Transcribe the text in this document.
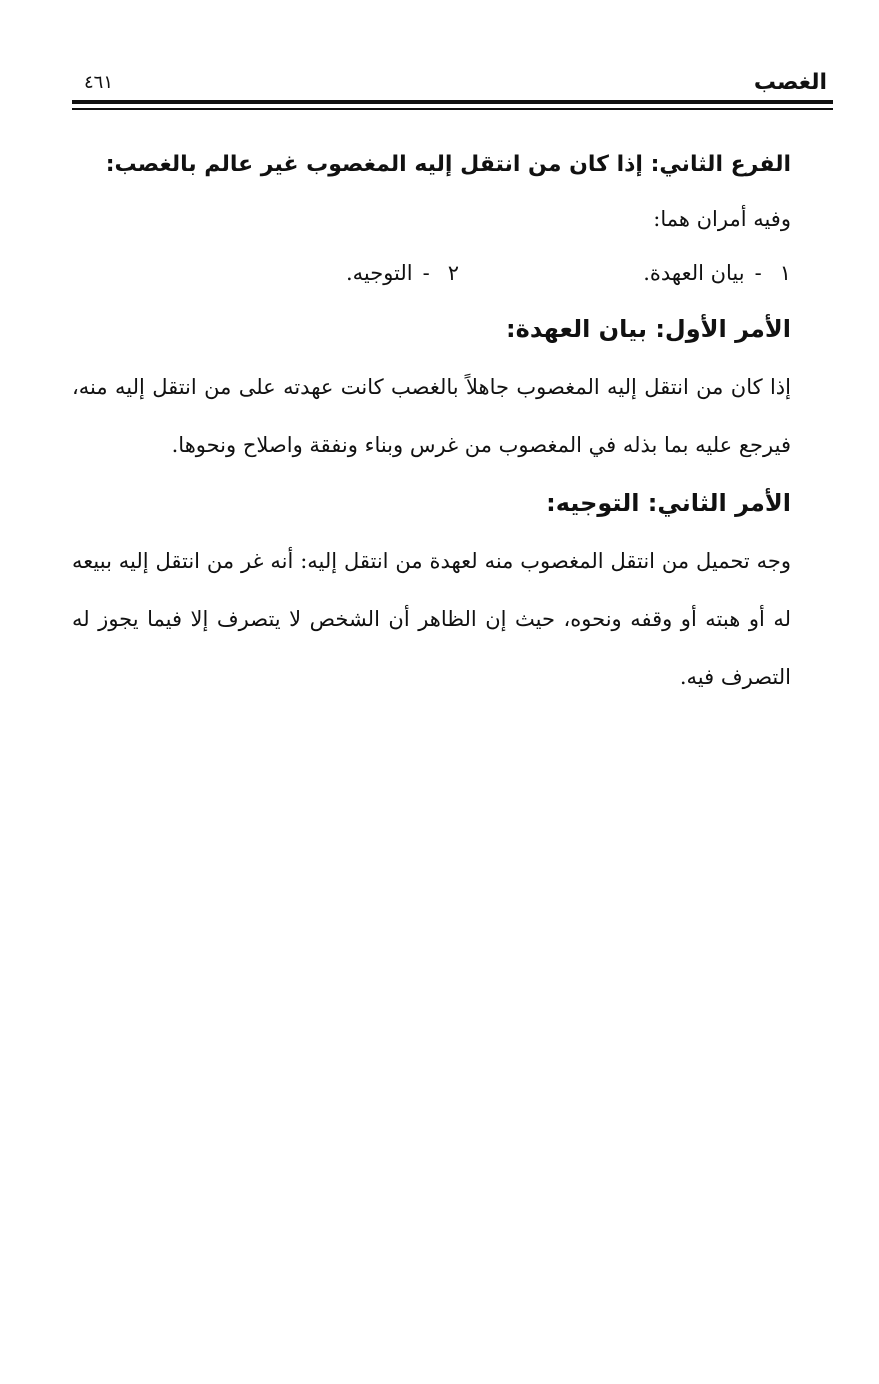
الغصب
٤٦١
الفرع الثاني: إذا كان من انتقل إليه المغصوب غير عالم بالغصب:

وفيه أمران هما:

١-بيان العهدة.
٢-التوجيه.
الأمر الأول: بيان العهدة:

إذا كان من انتقل إليه المغصوب جاهلاً بالغصب كانت عهدته على من انتقل إليه منه، فيرجع عليه بما بذله في المغصوب من غرس وبناء ونفقة واصلاح ونحوها.

الأمر الثاني: التوجيه:

وجه تحميل من انتقل المغصوب منه لعهدة من انتقل إليه: أنه غر من انتقل إليه ببيعه له أو هبته أو وقفه ونحوه، حيث إن الظاهر أن الشخص لا يتصرف إلا فيما يجوز له التصرف فيه.
